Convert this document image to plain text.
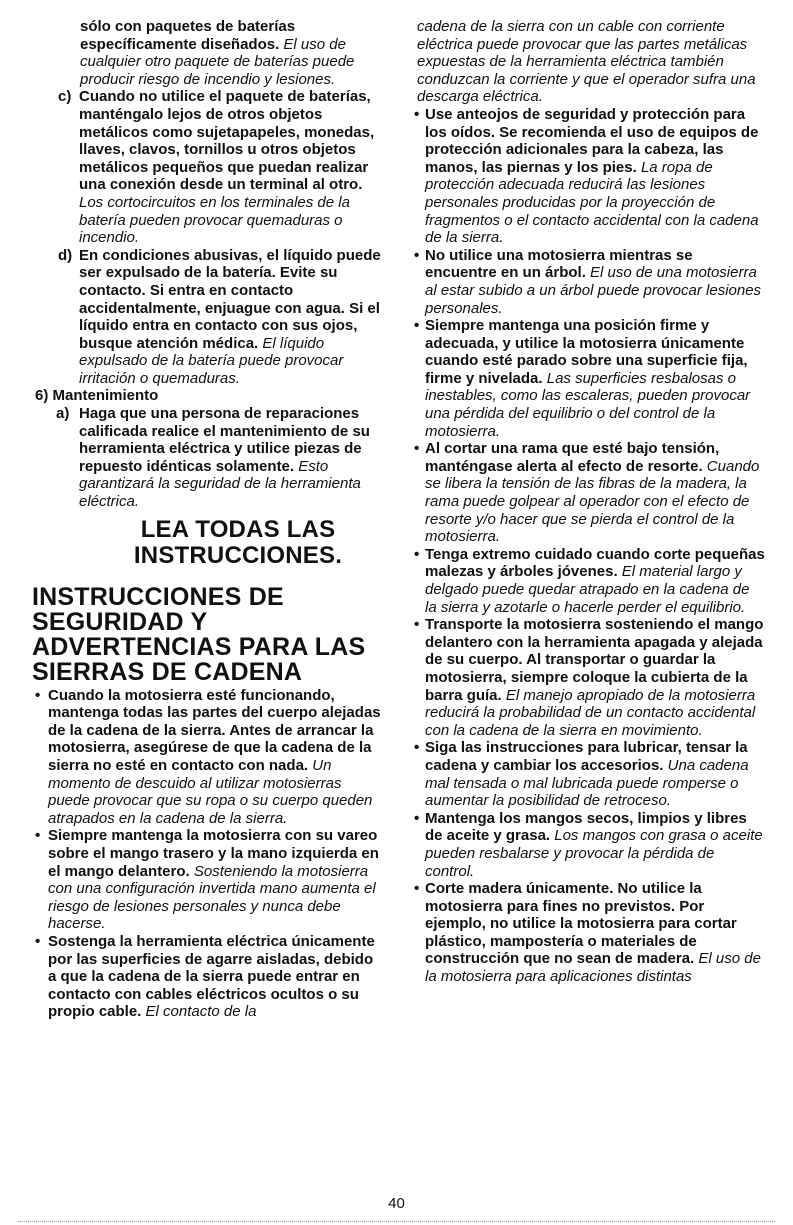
sólo con paquetes de baterías específicamente diseñados. El uso de cualquier otro paquete de baterías puede producir riesgo de incendio y lesiones.

c) Cuando no utilice el paquete de baterías, manténgalo lejos de otros objetos metálicos como sujetapapeles, monedas, llaves, clavos, tornillos u otros objetos metálicos pequeños que puedan realizar una conexión desde un terminal al otro. Los cortocircuitos en los terminales de la batería pueden provocar quemaduras o incendio.
d) En condiciones abusivas, el líquido puede ser expulsado de la batería. Evite su contacto. Si entra en contacto accidentalmente, enjuague con agua. Si el líquido entra en contacto con sus ojos, busque atención médica. El líquido expulsado de la batería puede provocar irritación o quemaduras.

6) Mantenimiento

a) Haga que una persona de reparaciones calificada realice el mantenimiento de su herramienta eléctrica y utilice piezas de repuesto idénticas solamente. Esto garantizará la seguridad de la herramienta eléctrica.
LEA TODAS LAS
INSTRUCCIONES.
INSTRUCCIONES DE SEGURIDAD Y ADVERTENCIAS PARA LAS SIERRAS DE CADENA
• Cuando la motosierra esté funcionando, mantenga todas las partes del cuerpo alejadas de la cadena de la sierra. Antes de arrancar la motosierra, asegúrese de que la cadena de la sierra no esté en contacto con nada. Un momento de descuido al utilizar motosierras puede provocar que su ropa o su cuerpo queden atrapados en la cadena de la sierra.
• Siempre mantenga la motosierra con su vareo sobre el mango trasero y la mano izquierda en el mango delantero. Sosteniendo la motosierra con una configuración invertida mano aumenta el riesgo de lesiones personales y nunca debe hacerse.
• Sostenga la herramienta eléctrica únicamente por las superficies de agarre aisladas, debido a que la cadena de la sierra puede entrar en contacto con cables eléctricos ocultos o su propio cable. El contacto de la

cadena de la sierra con un cable con corriente eléctrica puede provocar que las partes metálicas expuestas de la herramienta eléctrica también conduzcan la corriente y que el operador sufra una descarga eléctrica.

• Use anteojos de seguridad y protección para los oídos. Se recomienda el uso de equipos de protección adicionales para la cabeza, las manos, las piernas y los pies. La ropa de protección adecuada reducirá las lesiones personales producidas por la proyección de fragmentos o el contacto accidental con la cadena de la sierra.
• No utilice una motosierra mientras se encuentre en un árbol. El uso de una motosierra al estar subido a un árbol puede provocar lesiones personales.
• Siempre mantenga una posición firme y adecuada, y utilice la motosierra únicamente cuando esté parado sobre una superficie fija, firme y nivelada. Las superficies resbalosas o inestables, como las escaleras, pueden provocar una pérdida del equilibrio o del control de la motosierra.
• Al cortar una rama que esté bajo tensión, manténgase alerta al efecto de resorte. Cuando se libera la tensión de las fibras de la madera, la rama puede golpear al operador con el efecto de resorte y/o hacer que se pierda el control de la motosierra.
• Tenga extremo cuidado cuando corte pequeñas malezas y árboles jóvenes. El material largo y delgado puede quedar atrapado en la cadena de la sierra y azotarle o hacerle perder el equilibrio.
• Transporte la motosierra sosteniendo el mango delantero con la herramienta apagada y alejada de su cuerpo. Al transportar o guardar la motosierra, siempre coloque la cubierta de la barra guía. El manejo apropiado de la motosierra reducirá la probabilidad de un contacto accidental con la cadena de la sierra en movimiento.
• Siga las instrucciones para lubricar, tensar la cadena y cambiar los accesorios. Una cadena mal tensada o mal lubricada puede romperse o aumentar la posibilidad de retroceso.
• Mantenga los mangos secos, limpios y libres de aceite y grasa. Los mangos con grasa o aceite pueden resbalarse y provocar la pérdida de control.
• Corte madera únicamente. No utilice la motosierra para fines no previstos. Por ejemplo, no utilice la motosierra para cortar plástico, mampostería o materiales de construcción que no sean de madera. El uso de la motosierra para aplicaciones distintas
40
